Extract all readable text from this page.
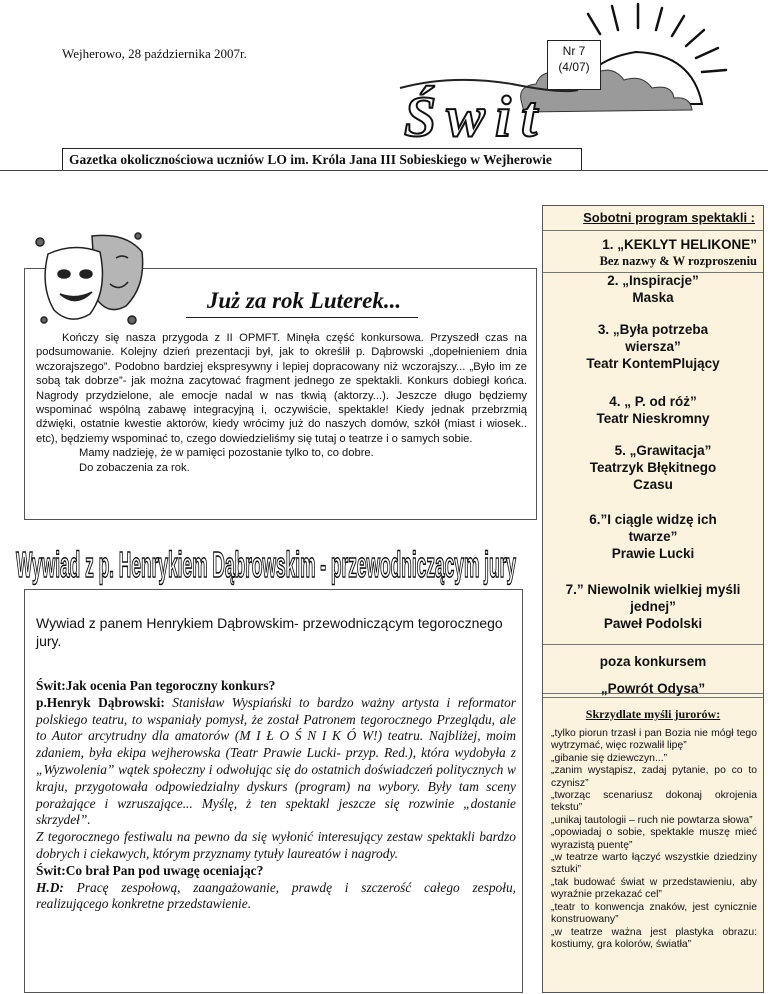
Wejherowo, 28 października 2007r.	Nr 7
(4/07)
Świt
Gazetka okolicznościowa uczniów LO im. Króla Jana III Sobieskiego w Wejherowie
Sobotni program spektakli :
1. „KEKLYT HELIKONE”
Bez nazwy & W rozproszeniu
2. „Inspiracje”
Maska
3. „Była potrzeba wiersza”
Teatr KontemPlujący
4. „ P. od róż”
Teatr Nieskromny
5. „Grawitacja”
Teatrzyk Błękitnego Czasu
6.”I ciągle widzę ich twarze”
Prawie Lucki
7.” Niewolnik wielkiej myśli jednej”
Paweł Podolski
poza konkursem
„Powrót Odysa”
Skrzydlate myśli jurorów:
„tylko piorun trzasł i pan Bozia nie mógł tego wytrzymać, więc rozwalił lipę”
„gibanie się dziewczyn...”
„zanim wystąpisz, zadaj pytanie, po co to czynisz”
„tworząc scenariusz dokonaj okrojenia tekstu”
„unikaj tautologii – ruch nie powtarza słowa”
„opowiadaj o sobie, spektakle muszę mieć wyrazistą puentę”
„w teatrze warto łączyć wszystkie dziedziny sztuki”
„tak budować świat w przedstawieniu, aby wyraźnie przekazać cel”
„teatr to konwencja znaków, jest cynicznie konstruowany”
„w teatrze ważna jest plastyka obrazu: kostiumy, gra kolorów, światła”
Już za rok Luterek...

Kończy się nasza przygoda z II OPMFT. Minęła część konkursowa. Przyszedł czas na podsumowanie. Kolejny dzień prezentacji był, jak to określił p. Dąbrowski „dopełnieniem dnia wczorajszego”. Podobno bardziej ekspresywny i lepiej dopracowany niż wczorajszy... „Było im ze sobą tak dobrze”- jak można zacytować fragment jednego ze spektakli. Konkurs dobiegł końca. Nagrody przydzielone, ale emocje nadal w nas tkwią (aktorzy...). Jeszcze długo będziemy wspominać wspólną zabawę integracyjną i, oczywiście, spektakle! Kiedy jednak przebrzmią dźwięki, ostatnie kwestie aktorów, kiedy wrócimy już do naszych domów, szkół (miast i wiosek.. etc), będziemy wspominać to, czego dowiedzieliśmy się tutaj o teatrze i o samych sobie.

Mamy nadzieję, że w pamięci pozostanie tylko to, co dobre.

Do zobaczenia za rok.

Wywiad z p. Henrykiem Dąbrowskim - przewodniczącym jury
Wywiad z panem Henrykiem Dąbrowskim- przewodniczącym tegorocznego jury.

Świt:Jak ocenia Pan tegoroczny konkurs?

p.Henryk Dąbrowski: Stanisław Wyspiański to bardzo ważny artysta i reformator polskiego teatru, to wspaniały pomysł, że został Patronem tegorocznego Przeglądu, ale to Autor arcytrudny dla amatorów (M I Ł O Ś N I K Ó W!) teatru. Najbliżej, moim zdaniem, była ekipa wejherowska (Teatr Prawie Lucki- przyp. Red.), która wydobyła z „Wyzwolenia” wątek społeczny i odwołując się do ostatnich doświadczeń politycznych w kraju, przygotowała odpowiedzialny dyskurs (program) na wybory. Były tam sceny porażające i wzruszające... Myślę, ż ten spektakl jeszcze się rozwinie „dostanie skrzydeł”.

Z tegorocznego festiwalu na pewno da się wyłonić interesujący zestaw spektakli bardzo dobrych i ciekawych, którym przyznamy tytuły laureatów i nagrody.

Świt:Co brał Pan pod uwagę oceniając?

H.D: Pracę zespołową, zaangażowanie, prawdę i szczerość całego zespołu, realizującego konkretne przedstawienie.
